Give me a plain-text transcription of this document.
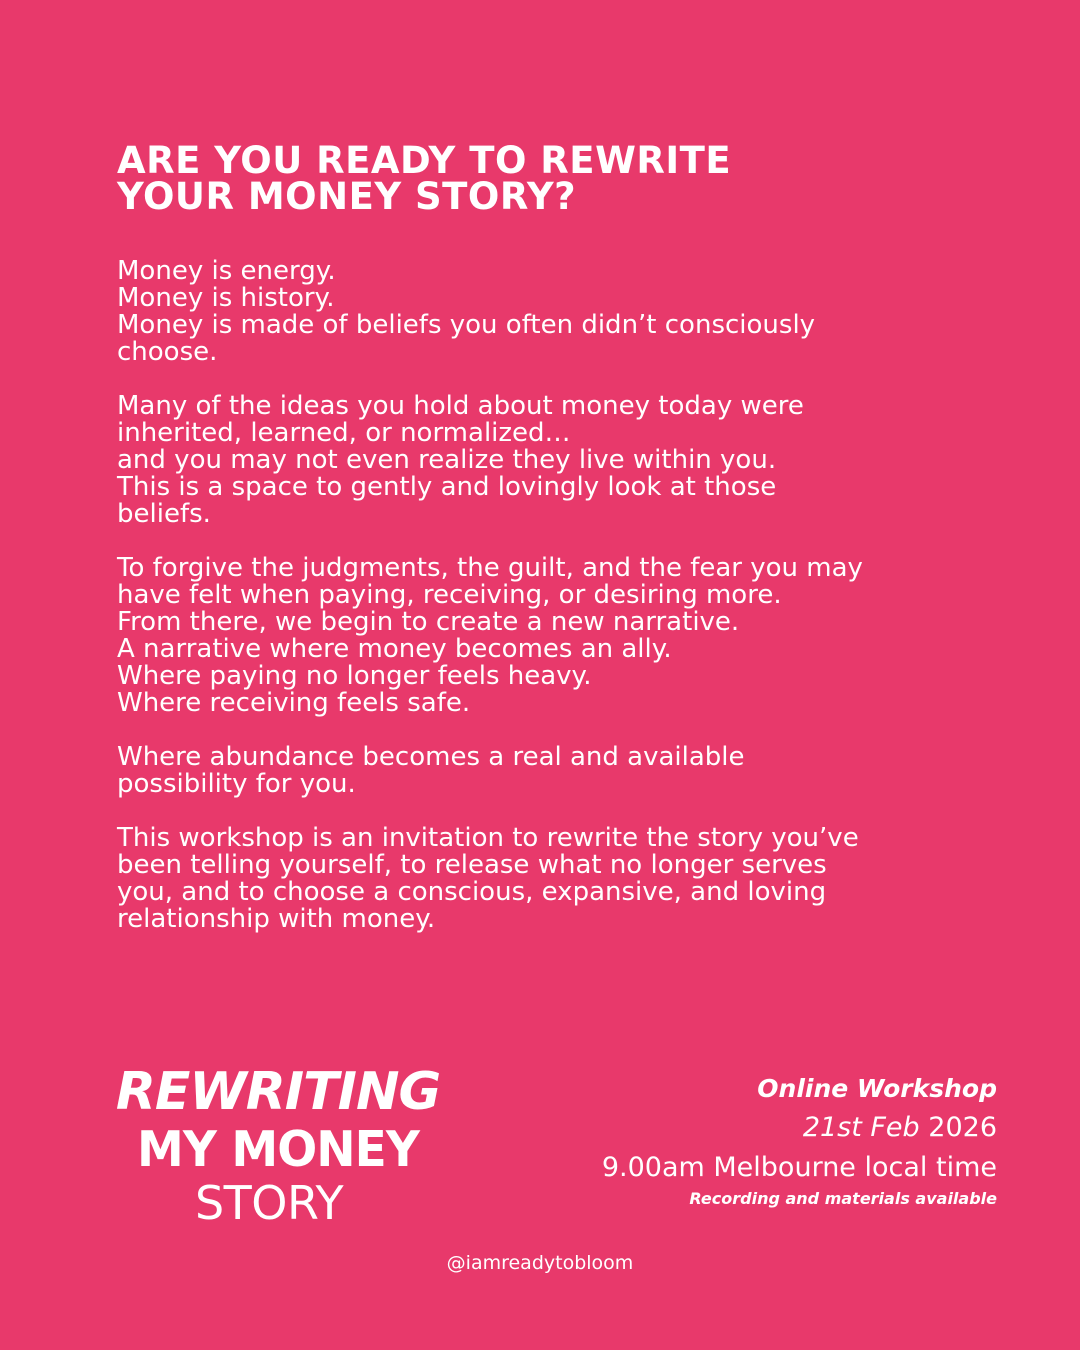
ARE YOU READY TO REWRITE
YOUR MONEY STORY?

Money is energy.
Money is history.
Money is made of beliefs you often didn’t consciously
choose.

Many of the ideas you hold about money today were
inherited, learned, or normalized…
and you may not even realize they live within you.
This is a space to gently and lovingly look at those
beliefs.

To forgive the judgments, the guilt, and the fear you may
have felt when paying, receiving, or desiring more.
From there, we begin to create a new narrative.
A narrative where money becomes an ally.
Where paying no longer feels heavy.
Where receiving feels safe.

Where abundance becomes a real and available
possibility for you.

This workshop is an invitation to rewrite the story you’ve
been telling yourself, to release what no longer serves
you, and to choose a conscious, expansive, and loving
relationship with money.

REWRITING
MY MONEY
STORY
Online Workshop
21st Feb 2026
9.00am Melbourne local time
Recording and materials available
@iamreadytobloom
